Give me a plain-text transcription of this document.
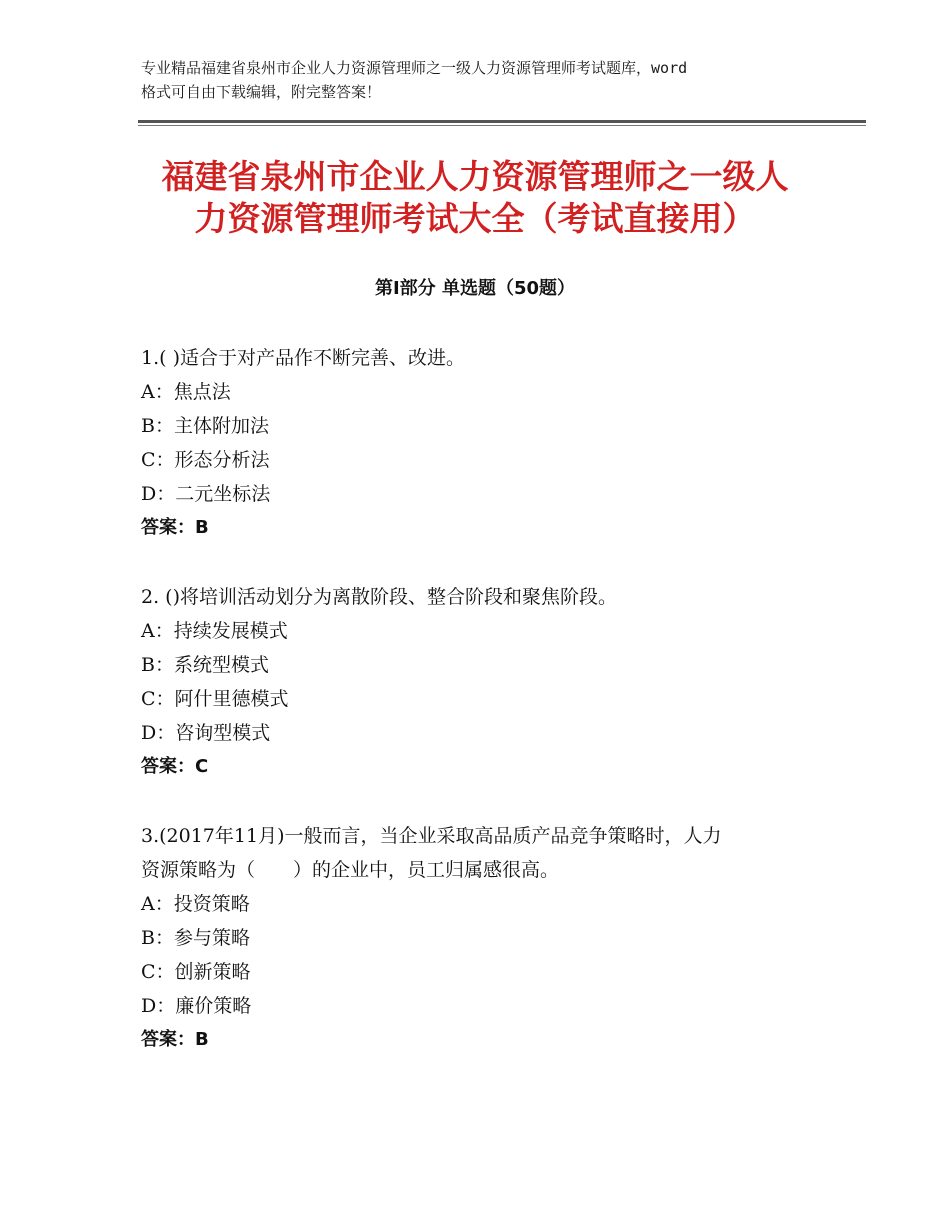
专业精品福建省泉州市企业人力资源管理师之一级人力资源管理师考试题库，word
格式可自由下载编辑，附完整答案！
福建省泉州市企业人力资源管理师之一级人
力资源管理师考试大全（考试直接用）
第Ⅰ部分 单选题（50题）
1.( )适合于对产品作不断完善、改进。
A：焦点法
B：主体附加法
C：形态分析法
D：二元坐标法
答案：B
2. ()将培训活动划分为离散阶段、整合阶段和聚焦阶段。
A：持续发展模式
B：系统型模式
C：阿什里德模式
D：咨询型模式
答案：C
3.(2017年11月)一般而言，当企业采取高品质产品竞争策略时，人力
资源策略为（　　）的企业中，员工归属感很高。
A：投资策略
B：参与策略
C：创新策略
D：廉价策略
答案：B
